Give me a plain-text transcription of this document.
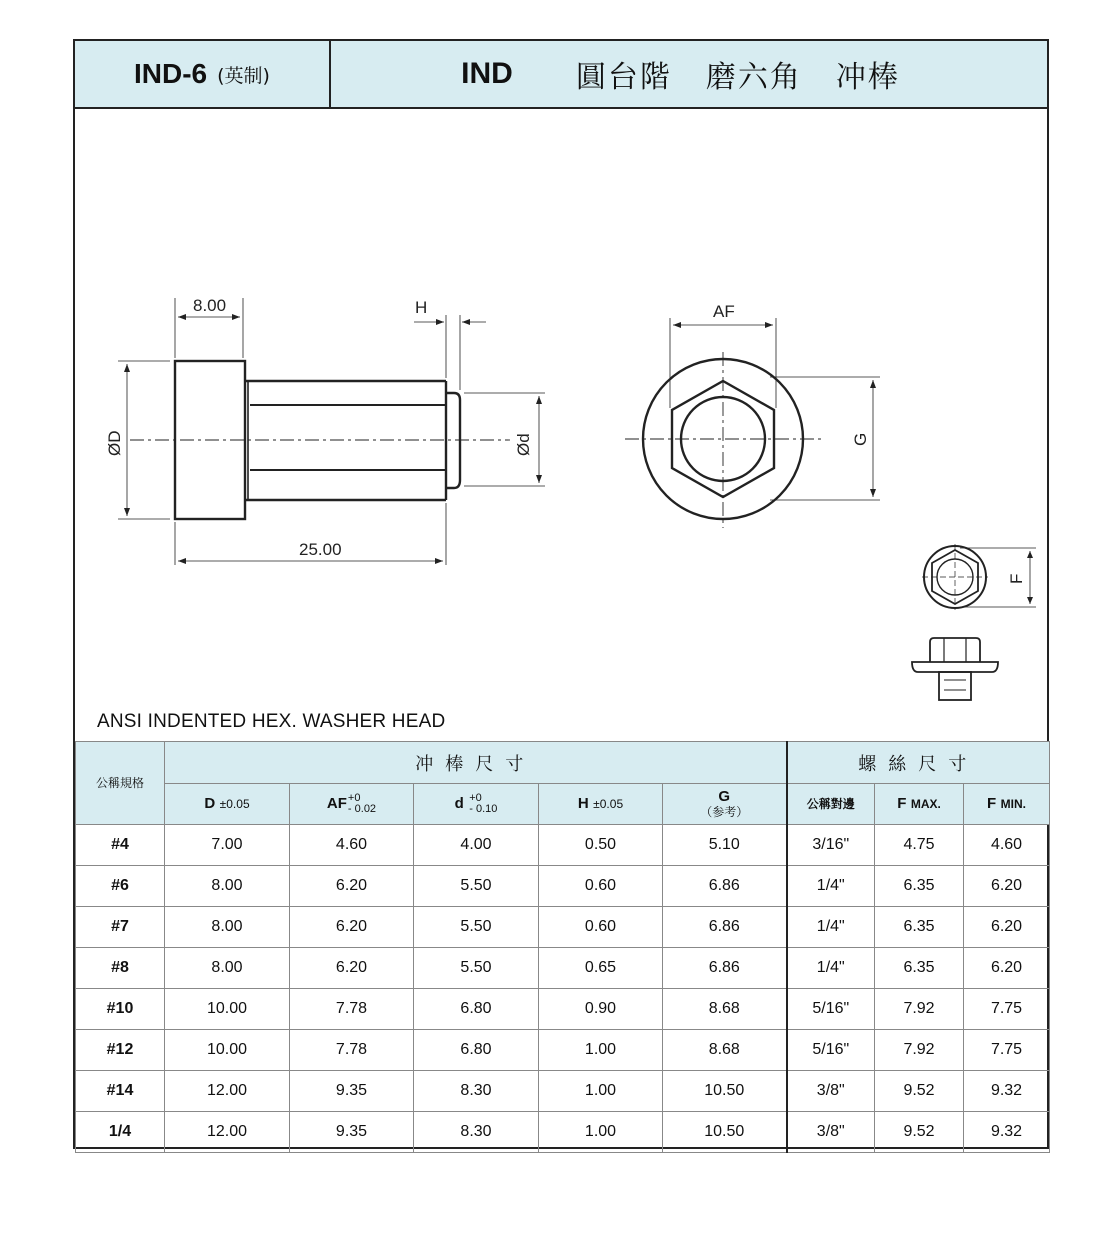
IND-6 (英制)	IND 圓台階 磨六角 冲棒
8.00
25.00
H
ØD	Ød
AF
G
F
ANSI INDENTED HEX. WASHER HEAD
公稱規格	冲棒尺寸					螺絲尺寸		
	D ±0.05	AF+0
- 0.02	d +0
- 0.10	H ±0.05	G
（参考）	公稱對邊	F MAX.	F MIN.
#4	7.00	4.60	4.00	0.50	5.10	3/16"	4.75	4.60
#6	8.00	6.20	5.50	0.60	6.86	1/4"	6.35	6.20
#7	8.00	6.20	5.50	0.60	6.86	1/4"	6.35	6.20
#8	8.00	6.20	5.50	0.65	6.86	1/4"	6.35	6.20
#10	10.00	7.78	6.80	0.90	8.68	5/16"	7.92	7.75
#12	10.00	7.78	6.80	1.00	8.68	5/16"	7.92	7.75
#14	12.00	9.35	8.30	1.00	10.50	3/8"	9.52	9.32
1/4	12.00	9.35	8.30	1.00	10.50	3/8"	9.52	9.32
